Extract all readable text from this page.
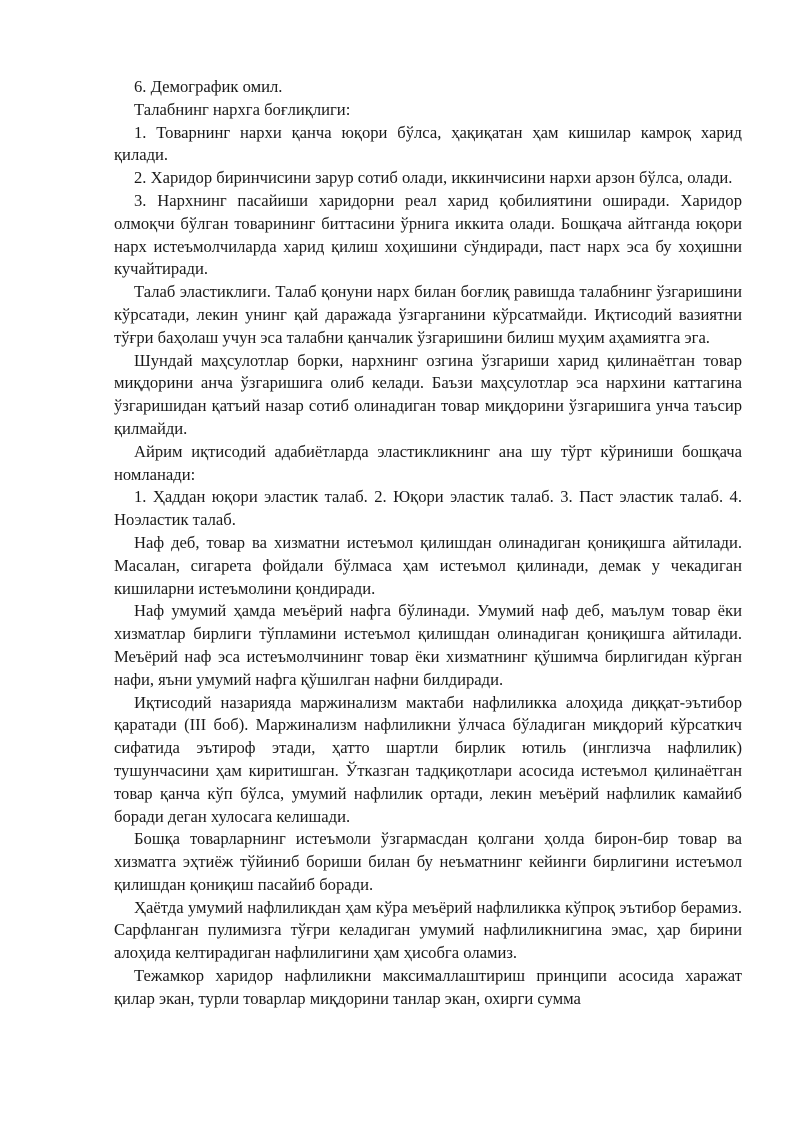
6. Демографик омил.

Талабнинг нархга боғлиқлиги:

1. Товарнинг нархи қанча юқори бўлса, ҳақиқатан ҳам кишилар камроқ харид қилади.

2. Харидор биринчисини зарур сотиб олади, иккинчисини нархи арзон бўлса, олади.

3. Нархнинг пасайиши харидорни реал харид қобилиятини оширади. Харидор олмоқчи бўлган товарининг биттасини ўрнига иккита олади. Бошқача айтганда юқори нарх истеъмолчиларда харид қилиш хоҳишини сўндиради, паст нарх эса бу хоҳишни кучайтиради.

Талаб эластиклиги. Талаб қонуни нарх билан боғлиқ равишда талабнинг ўзгаришини кўрсатади, лекин унинг қай даражада ўзгарганини кўрсатмайди. Иқтисодий вазиятни тўғри баҳолаш учун эса талабни қанчалик ўзгаришини билиш муҳим аҳамиятга эга.

Шундай маҳсулотлар борки, нархнинг озгина ўзгариши харид қилинаётган товар миқдорини анча ўзгаришига олиб келади. Баъзи маҳсулотлар эса нархини каттагина ўзгаришидан қатъий назар сотиб олинадиган товар миқдорини ўзгаришига унча таъсир қилмайди.

Айрим иқтисодий адабиётларда эластикликнинг ана шу тўрт кўриниши бошқача номланади:

1. Ҳаддан юқори эластик талаб. 2. Юқори эластик талаб. 3. Паст эластик талаб. 4. Ноэластик талаб.

Наф деб, товар ва хизматни истеъмол қилишдан олинадиган қониқишга айтилади. Масалан, сигарета фойдали бўлмаса ҳам истеъмол қилинади, демак у чекадиган кишиларни истеъмолини қондиради.

Наф умумий ҳамда меъёрий нафга бўлинади. Умумий наф деб, маълум товар ёки хизматлар бирлиги тўпламини истеъмол қилишдан олинадиган қониқишга айтилади. Меъёрий наф эса истеъмолчининг товар ёки хизматнинг қўшимча бирлигидан кўрган нафи, яъни умумий нафга қўшилган нафни билдиради.

Иқтисодий назарияда маржинализм мактаби нафлиликка алоҳида диққат-эътибор қаратади (III боб). Маржинализм нафлиликни ўлчаса бўладиган миқдорий кўрсаткич сифатида эътироф этади, ҳатто шартли бирлик ютиль (инглизча нафлилик) тушунчасини ҳам киритишган. Ўтказган тадқиқотлари асосида истеъмол қилинаётган товар қанча кўп бўлса, умумий нафлилик ортади, лекин меъёрий нафлилик камайиб боради деган хулосага келишади.

Бошқа товарларнинг истеъмоли ўзгармасдан қолгани ҳолда бирон-бир товар ва хизматга эҳтиёж тўйиниб бориши билан бу неъматнинг кейинги бирлигини истеъмол қилишдан қониқиш пасайиб боради.

Ҳаётда умумий нафлиликдан ҳам кўра меъёрий нафлиликка кўпроқ эътибор берамиз. Сарфланган пулимизга тўғри келадиган умумий нафлиликнигина эмас, ҳар бирини алоҳида келтирадиган нафлилигини ҳам ҳисобга оламиз.

Тежамкор харидор нафлиликни максималлаштириш принципи асосида харажат қилар экан, турли товарлар миқдорини танлар экан, охирги сумма
